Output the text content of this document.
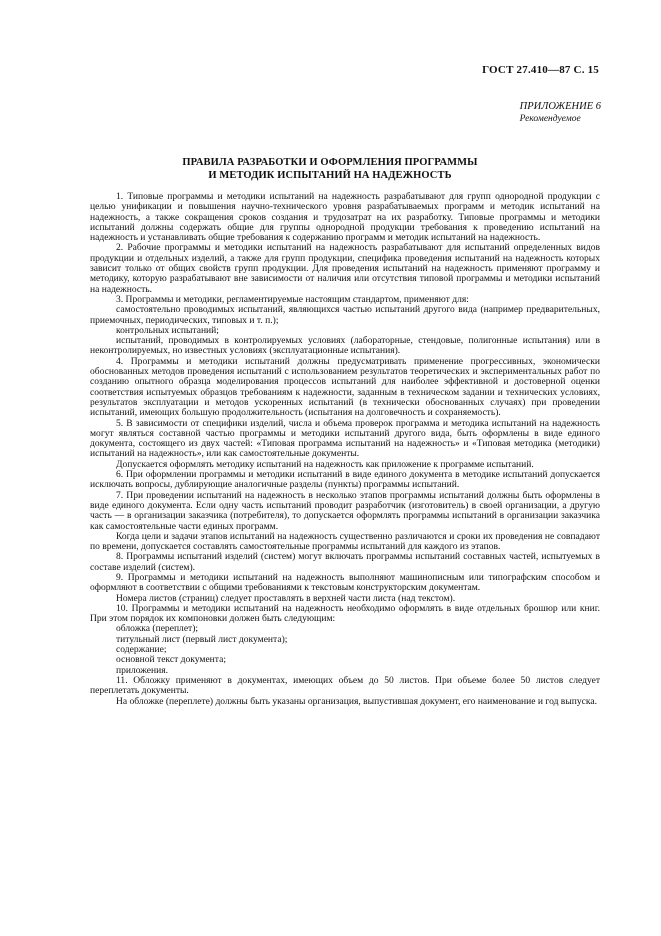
ГОСТ 27.410—87 С. 15
ПРИЛОЖЕНИЕ 6
Рекомендуемое
ПРАВИЛА РАЗРАБОТКИ И ОФОРМЛЕНИЯ ПРОГРАММЫ
И МЕТОДИК ИСПЫТАНИЙ НА НАДЕЖНОСТЬ

1. Типовые программы и методики испытаний на надежность разрабатывают для групп однородной продукции с целью унификации и повышения научно-технического уровня разрабатываемых программ и методик испытаний на надежность, а также сокращения сроков создания и трудозатрат на их разработку. Типовые программы и методики испытаний должны содержать общие для группы однородной продукции требования к проведению испытаний на надежность и устанавливать общие требования к содержанию программ и методик испытаний на надежность.

2. Рабочие программы и методики испытаний на надежность разрабатывают для испытаний определенных видов продукции и отдельных изделий, а также для групп продукции, специфика проведения испытаний на надежность которых зависит только от общих свойств групп продукции. Для проведения испытаний на надежность применяют программу и методику, которую разрабатывают вне зависимости от наличия или отсутствия типовой программы и методики испытаний на надежность.

3. Программы и методики, регламентируемые настоящим стандартом, применяют для:

самостоятельно проводимых испытаний, являющихся частью испытаний другого вида (например предварительных, приемочных, периодических, типовых и т. п.);

контрольных испытаний;

испытаний, проводимых в контролируемых условиях (лабораторные, стендовые, полигонные испытания) или в неконтролируемых, но известных условиях (эксплуатационные испытания).

4. Программы и методики испытаний должны предусматривать применение прогрессивных, экономически обоснованных методов проведения испытаний с использованием результатов теоретических и экспериментальных работ по созданию опытного образца моделирования процессов испытаний для наиболее эффективной и достоверной оценки соответствия испытуемых образцов требованиям к надежности, заданным в техническом задании и технических условиях, результатов эксплуатации и методов ускоренных испытаний (в технически обоснованных случаях) при проведении испытаний, имеющих большую продолжительность (испытания на долговечность и сохраняемость).

5. В зависимости от специфики изделий, числа и объема проверок программа и методика испытаний на надежность могут являться составной частью программы и методики испытаний другого вида, быть оформлены в виде единого документа, состоящего из двух частей: «Типовая программа испытаний на надежность» и «Типовая методика (методики) испытаний на надежность», или как самостоятельные документы.

Допускается оформлять методику испытаний на надежность как приложение к программе испытаний.

6. При оформлении программы и методики испытаний в виде единого документа в методике испытаний допускается исключать вопросы, дублирующие аналогичные разделы (пункты) программы испытаний.

7. При проведении испытаний на надежность в несколько этапов программы испытаний должны быть оформлены в виде единого документа. Если одну часть испытаний проводит разработчик (изготовитель) в своей организации, а другую часть — в организации заказчика (потребителя), то допускается оформлять программы испытаний в организации заказчика как самостоятельные части единых программ.

Когда цели и задачи этапов испытаний на надежность существенно различаются и сроки их проведения не совпадают по времени, допускается составлять самостоятельные программы испытаний для каждого из этапов.

8. Программы испытаний изделий (систем) могут включать программы испытаний составных частей, испытуемых в составе изделий (систем).

9. Программы и методики испытаний на надежность выполняют машинописным или типографским способом и оформляют в соответствии с общими требованиями к текстовым конструкторским документам.

Номера листов (страниц) следует проставлять в верхней части листа (над текстом).

10. Программы и методики испытаний на надежность необходимо оформлять в виде отдельных брошюр или книг. При этом порядок их компоновки должен быть следующим:

обложка (переплет);

титульный лист (первый лист документа);

содержание;

основной текст документа;

приложения.

11. Обложку применяют в документах, имеющих объем до 50 листов. При объеме более 50 листов следует переплетать документы.

На обложке (переплете) должны быть указаны организация, выпустившая документ, его наименование и год выпуска.
